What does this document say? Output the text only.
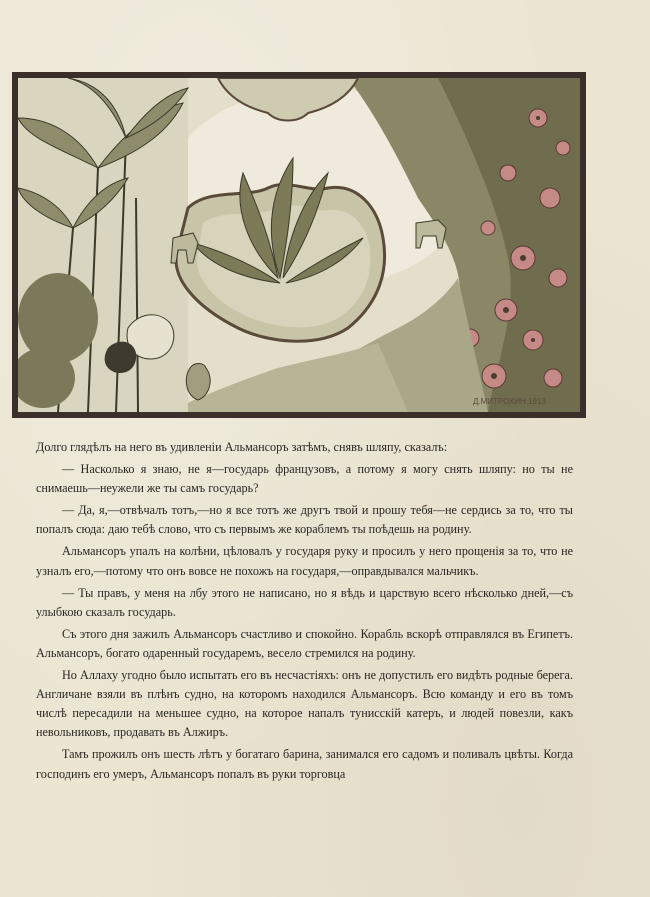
Д.МИТРОХИН.1913

Долго глядѣлъ на него въ удивленіи Альмансоръ затѣмъ, снявъ шляпу, сказалъ:

— Насколько я знаю, не я—государь французовъ, а потому я могу снять шляпу: но ты не снимаешь—неужели же ты самъ государь?

— Да, я,—отвѣчалъ тотъ,—но я все тотъ же другъ твой и прошу тебя—не сердись за то, что ты попалъ сюда: даю тебѣ слово, что съ первымъ же кораблемъ ты поѣдешь на родину.

Альмансоръ упалъ на колѣни, цѣловалъ у государя руку и просилъ у него прощенія за то, что не узналъ его,—потому что онъ вовсе не похожъ на государя,—оправдывался мальчикъ.

— Ты правъ, у меня на лбу этого не написано, но я вѣдь и царствую всего нѣсколько дней,—съ улыбкою сказалъ государь.

Съ этого дня зажилъ Альмансоръ счастливо и спокойно. Корабль вскорѣ отправлялся въ Египетъ. Альмансоръ, богато одаренный государемъ, весело стремился на родину.

Но Аллаху угодно было испытать его въ несчастіяхъ: онъ не допустилъ его видѣть родные берега. Англичане взяли въ плѣнъ судно, на которомъ находился Альмансоръ. Всю команду и его въ томъ числѣ пересадили на меньшее судно, на которое напалъ тунисскій катеръ, и людей повезли, какъ невольниковъ, продавать въ Алжиръ.

Тамъ прожилъ онъ шесть лѣтъ у богатаго барина, занимался его садомъ и поливалъ цвѣты. Когда господинъ его умеръ, Альмансоръ попалъ въ руки торговца
